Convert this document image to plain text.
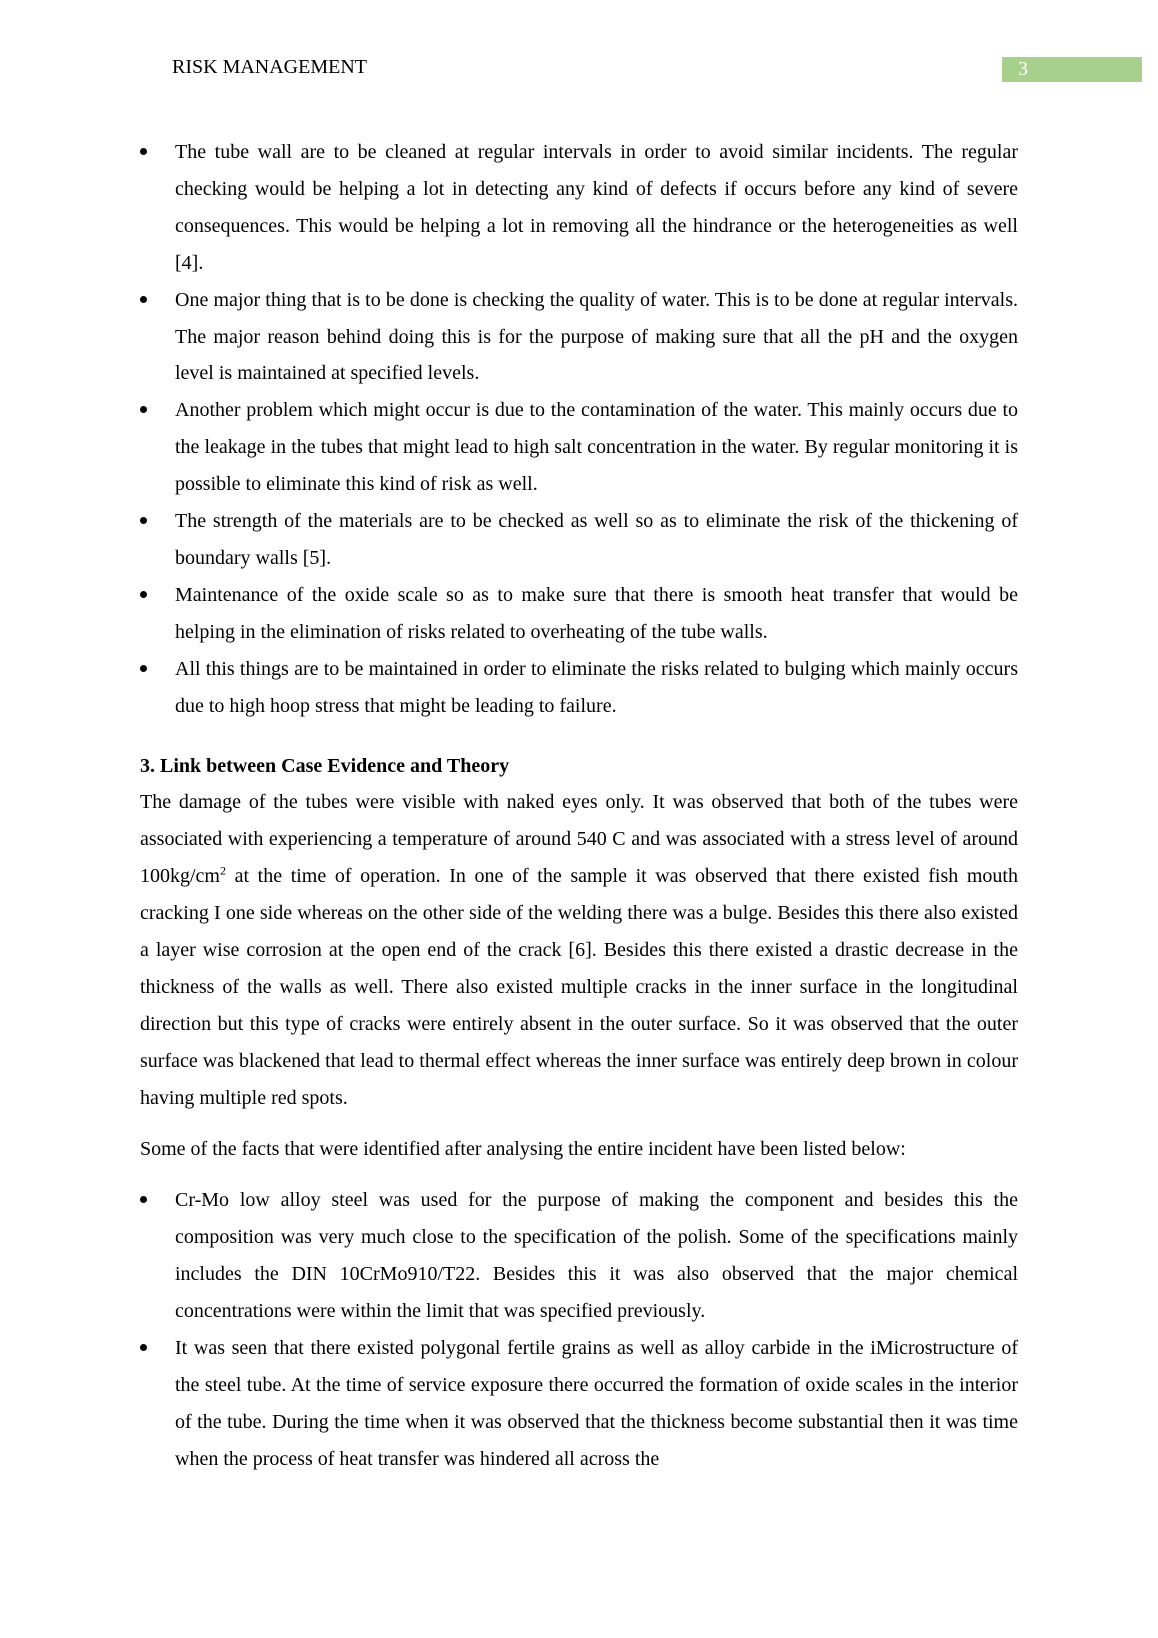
RISK MANAGEMENT	3
The tube wall are to be cleaned at regular intervals in order to avoid similar incidents. The regular checking would be helping a lot in detecting any kind of defects if occurs before any kind of severe consequences. This would be helping a lot in removing all the hindrance or the heterogeneities as well [4].
One major thing that is to be done is checking the quality of water. This is to be done at regular intervals. The major reason behind doing this is for the purpose of making sure that all the pH and the oxygen level is maintained at specified levels.
Another problem which might occur is due to the contamination of the water. This mainly occurs due to the leakage in the tubes that might lead to high salt concentration in the water. By regular monitoring it is possible to eliminate this kind of risk as well.
The strength of the materials are to be checked as well so as to eliminate the risk of the thickening of boundary walls [5].
Maintenance of the oxide scale so as to make sure that there is smooth heat transfer that would be helping in the elimination of risks related to overheating of the tube walls.
All this things are to be maintained in order to eliminate the risks related to bulging which mainly occurs due to high hoop stress that might be leading to failure.
3. Link between Case Evidence and Theory

The damage of the tubes were visible with naked eyes only. It was observed that both of the tubes were associated with experiencing a temperature of around 540 C and was associated with a stress level of around $100kg/cm^2$ at the time of operation. In one of the sample it was observed that there existed fish mouth cracking I one side whereas on the other side of the welding there was a bulge. Besides this there also existed a layer wise corrosion at the open end of the crack [6]. Besides this there existed a drastic decrease in the thickness of the walls as well. There also existed multiple cracks in the inner surface in the longitudinal direction but this type of cracks were entirely absent in the outer surface. So it was observed that the outer surface was blackened that lead to thermal effect whereas the inner surface was entirely deep brown in colour having multiple red spots.

Some of the facts that were identified after analysing the entire incident have been listed below:

Cr-Mo low alloy steel was used for the purpose of making the component and besides this the composition was very much close to the specification of the polish. Some of the specifications mainly includes the DIN 10CrMo910/T22. Besides this it was also observed that the major chemical concentrations were within the limit that was specified previously.
It was seen that there existed polygonal fertile grains as well as alloy carbide in the iMicrostructure of the steel tube. At the time of service exposure there occurred the formation of oxide scales in the interior of the tube. During the time when it was observed that the thickness become substantial then it was time when the process of heat transfer was hindered all across the
